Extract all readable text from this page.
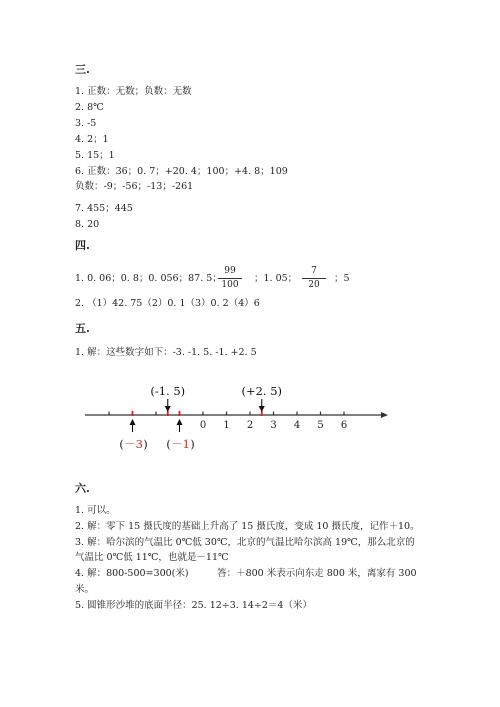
三.
1. 正数：无数；负数：无数
2. 8℃
3. -5
4. 2；1
5. 15；1
6. 正数：36；0. 7；+20. 4；100；+4. 8；109
负数：-9；-56；-13；-261
7. 455；445
8. 20
四.
1. 0. 06；0. 8；0. 056；87. 5；
99
100
；1. 05；
7
20
；5
2. （1）42. 75（2）0. 1（3）0. 2（4）6
五.
1. 解：这些数字如下：-3. -1. 5. -1. +2. 5
0 1 2 3 4 5 6
( －3 )
(-1. 5)
( －1 )
(+2. 5)
六.
1. 可以。
2. 解：零下 15 摄氏度的基础上升高了 15 摄氏度，变成 10 摄氏度，记作＋10。
3. 解：哈尔滨的气温比 0℃低 30℃，北京的气温比哈尔滨高 19℃，那么北京的
气温比 0℃低 11℃，也就是－11℃
4. 解：800-500=300(米)　　　答：＋800 米表示向东走 800 米，离家有 300
米。
5. 圆锥形沙堆的底面半径：25. 12÷3. 14÷2＝4（米）
